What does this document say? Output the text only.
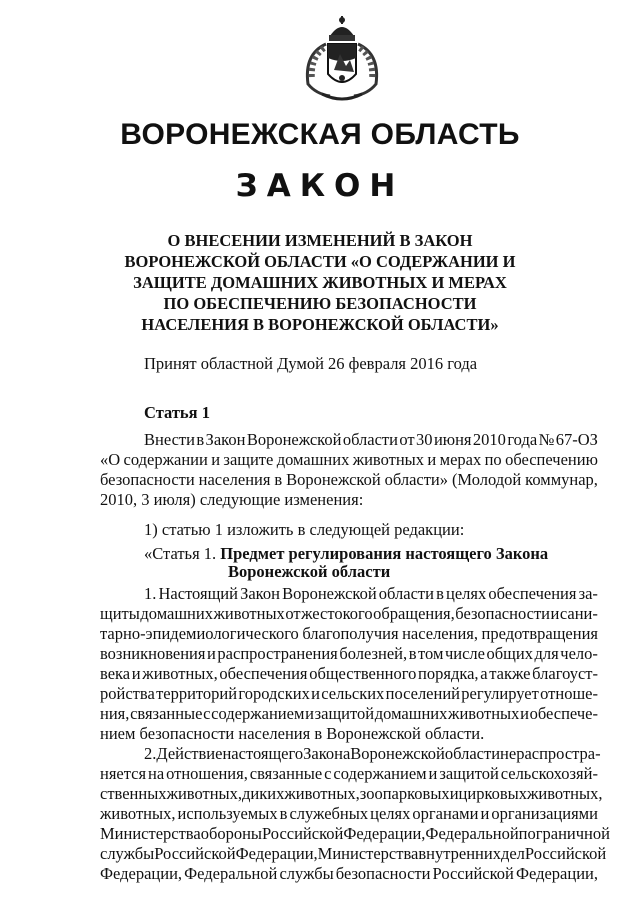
ВОРОНЕЖСКАЯ ОБЛАСТЬ
ЗАКОН
О ВНЕСЕНИИ ИЗМЕНЕНИЙ В ЗАКОН
ВОРОНЕЖСКОЙ ОБЛАСТИ «О СОДЕРЖАНИИ И
ЗАЩИТЕ ДОМАШНИХ ЖИВОТНЫХ И МЕРАХ
ПО ОБЕСПЕЧЕНИЮ БЕЗОПАСНОСТИ
НАСЕЛЕНИЯ В ВОРОНЕЖСКОЙ ОБЛАСТИ»
Принят областной Думой 26 февраля 2016 года
Статья 1
Внести в Закон Воронежской области от 30 июня 2010 года № 67-ОЗ
«О содержании и защите домашних животных и мерах по обеспечению
безопасности населения в Воронежской области» (Молодой коммунар,
2010, 3 июля) следующие изменения:
1) статью 1 изложить в следующей редакции:
«Статья 1. Предмет регулирования настоящего Закона
Воронежской области
1. Настоящий Закон Воронежской области в целях обеспечения за-
щиты домашних животных от жестокого обращения, безопасности и сани-
тарно-эпидемиологического благополучия населения, предотвращения
возникновения и распространения болезней, в том числе общих для чело-
века и животных, обеспечения общественного порядка, а также благоуст-
ройства территорий городских и сельских поселений регулирует отноше-
ния, связанные с содержанием и защитой домашних животных и обеспече-
нием безопасности населения в Воронежской области.
2. Действие настоящего Закона Воронежской области не распростра-
няется на отношения, связанные с содержанием и защитой сельскохозяй-
ственных животных, диких животных, зоопарковых и цирковых животных,
животных, используемых в служебных целях органами и организациями
Министерства обороны Российской Федерации, Федеральной пограничной
службы Российской Федерации, Министерства внутренних дел Российской
Федерации, Федеральной службы безопасности Российской Федерации,
